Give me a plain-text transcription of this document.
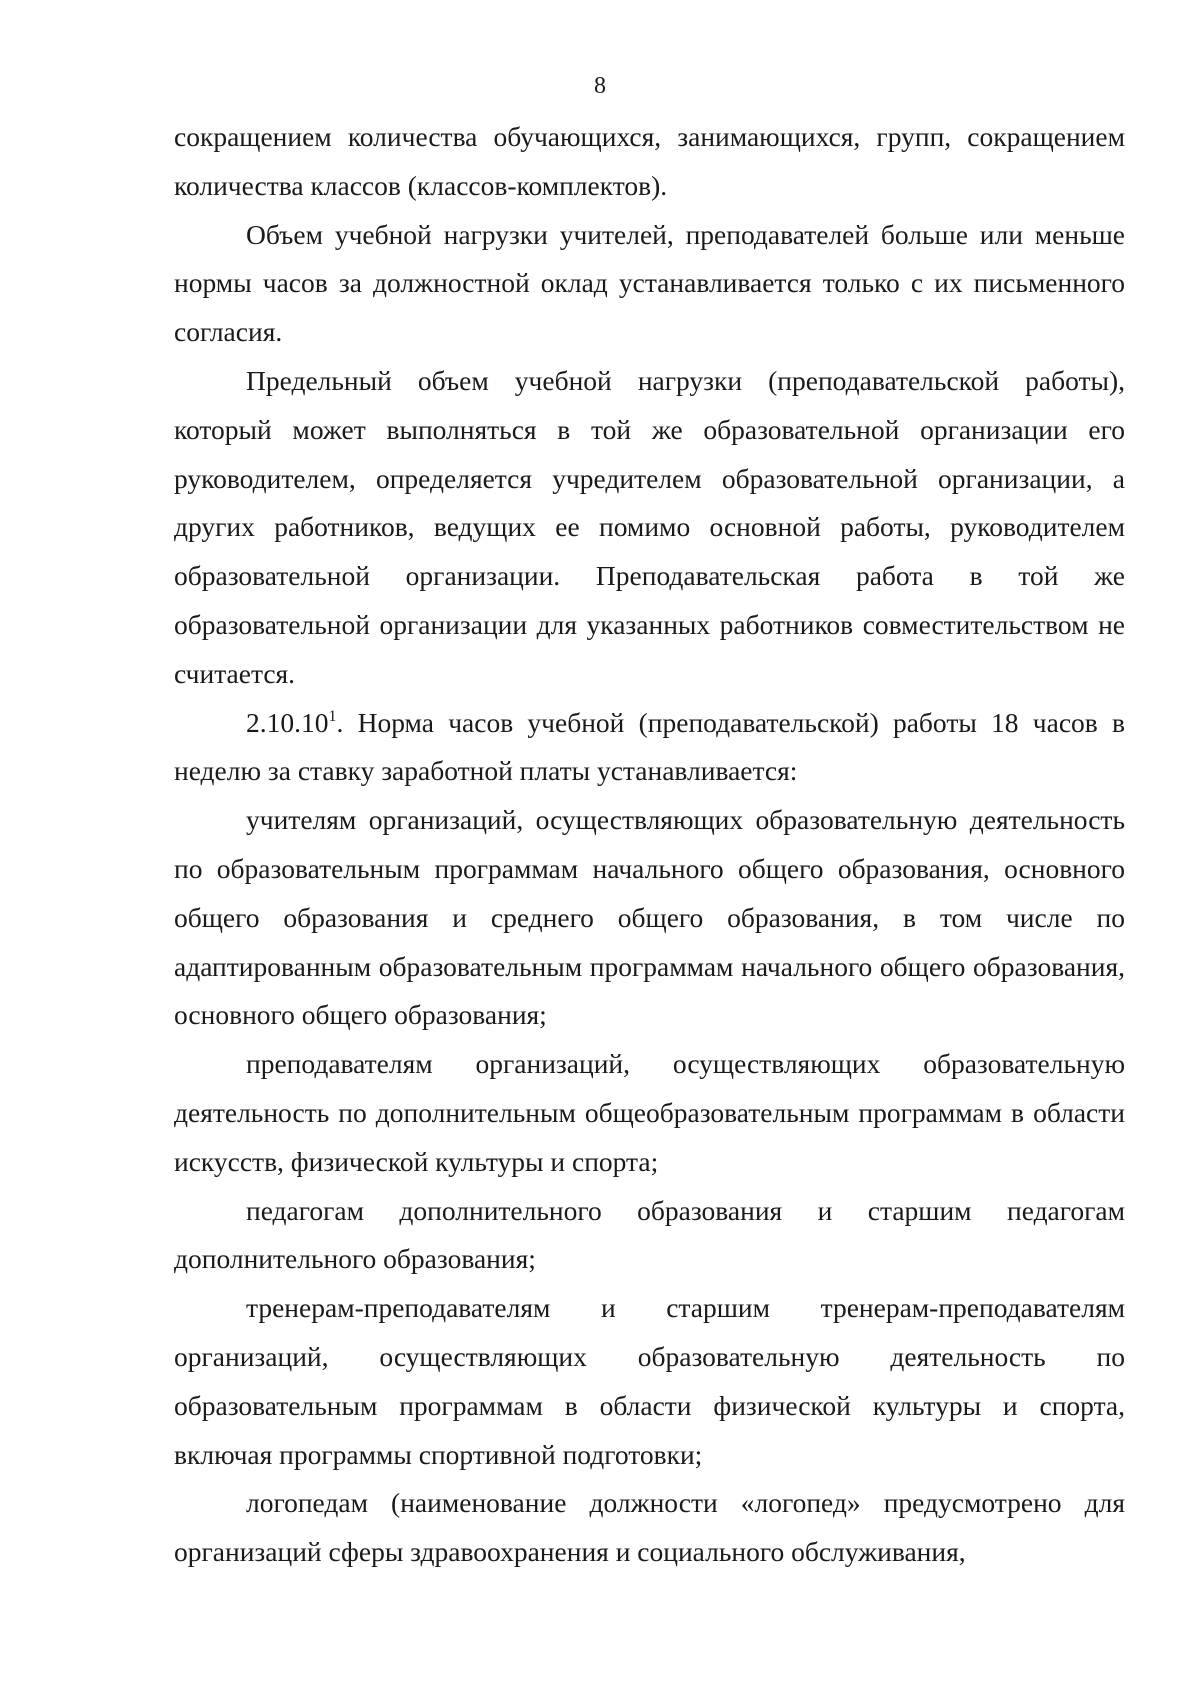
8

сокращением количества обучающихся, занимающихся, групп, сокращением количества классов (классов-комплектов).

Объем учебной нагрузки учителей, преподавателей больше или меньше нормы часов за должностной оклад устанавливается только с их письменного согласия.

Предельный объем учебной нагрузки (преподавательской работы), который может выполняться в той же образовательной организации его руководителем, определяется учредителем образовательной организации, а других работников, ведущих ее помимо основной работы, руководителем образовательной организации. Преподавательская работа в той же образовательной организации для указанных работников совместительством не считается.

2.10.10$^1$. Норма часов учебной (преподавательской) работы 18 часов в неделю за ставку заработной платы устанавливается:

учителям организаций, осуществляющих образовательную деятельность по образовательным программам начального общего образования, основного общего образования и среднего общего образования, в том числе по адаптированным образовательным программам начального общего образования, основного общего образования;

преподавателям организаций, осуществляющих образовательную деятельность по дополнительным общеобразовательным программам в области искусств, физической культуры и спорта;

педагогам дополнительного образования и старшим педагогам дополнительного образования;

тренерам-преподавателям и старшим тренерам-преподавателям организаций, осуществляющих образовательную деятельность по образовательным программам в области физической культуры и спорта, включая программы спортивной подготовки;

логопедам (наименование должности «логопед» предусмотрено для организаций сферы здравоохранения и социального обслуживания,
